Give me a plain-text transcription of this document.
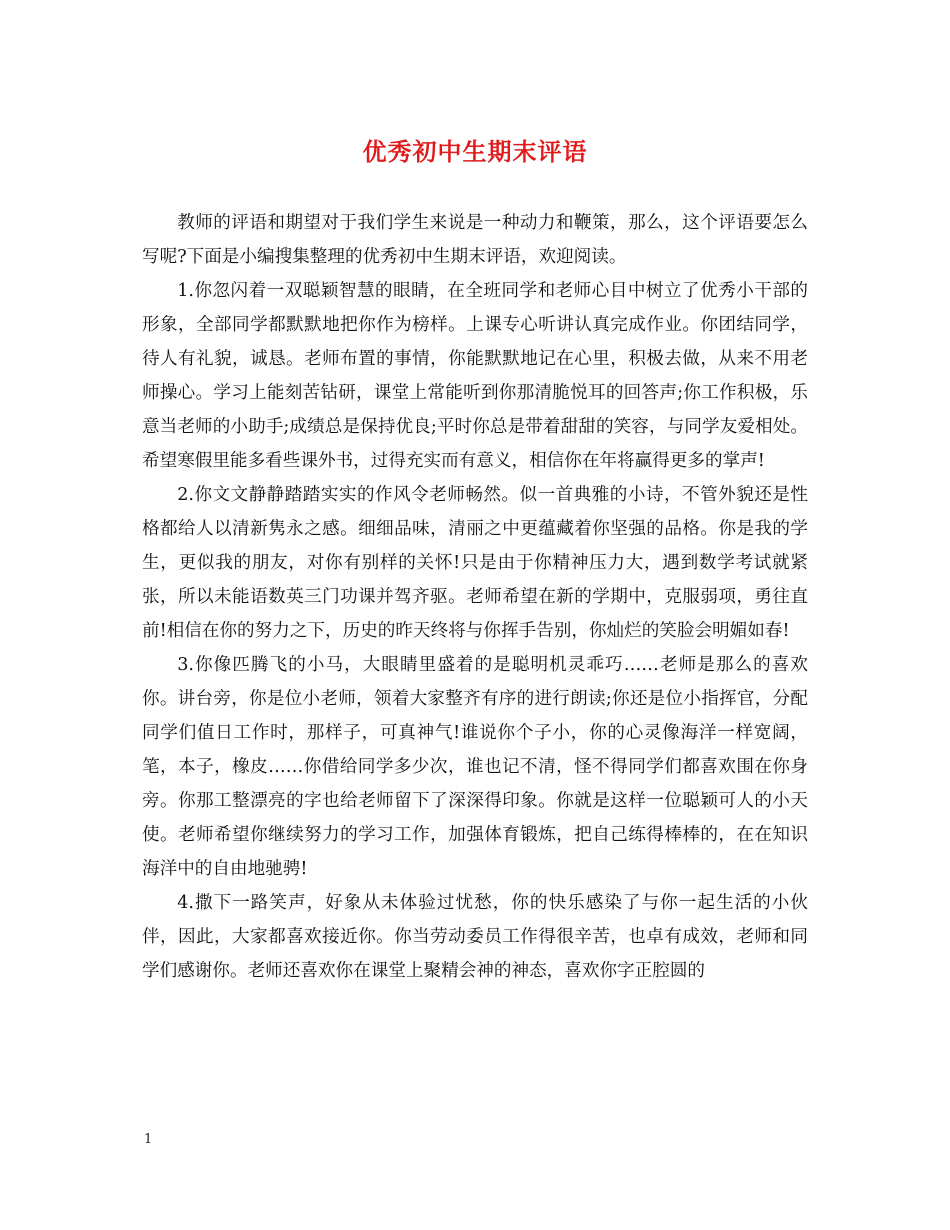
优秀初中生期末评语

教师的评语和期望对于我们学生来说是一种动力和鞭策，那么，这个评语要怎么写呢?下面是小编搜集整理的优秀初中生期末评语，欢迎阅读。

1.你忽闪着一双聪颖智慧的眼睛，在全班同学和老师心目中树立了优秀小干部的形象，全部同学都默默地把你作为榜样。上课专心听讲认真完成作业。你团结同学，待人有礼貌，诚恳。老师布置的事情，你能默默地记在心里，积极去做，从来不用老师操心。学习上能刻苦钻研，课堂上常能听到你那清脆悦耳的回答声;你工作积极，乐意当老师的小助手;成绩总是保持优良;平时你总是带着甜甜的笑容，与同学友爱相处。希望寒假里能多看些课外书，过得充实而有意义，相信你在年将赢得更多的掌声!

2.你文文静静踏踏实实的作风令老师畅然。似一首典雅的小诗，不管外貌还是性格都给人以清新隽永之感。细细品味，清丽之中更蕴藏着你坚强的品格。你是我的学生，更似我的朋友，对你有别样的关怀!只是由于你精神压力大，遇到数学考试就紧张，所以未能语数英三门功课并驾齐驱。老师希望在新的学期中，克服弱项，勇往直前!相信在你的努力之下，历史的昨天终将与你挥手告别，你灿烂的笑脸会明媚如春!

3.你像匹腾飞的小马，大眼睛里盛着的是聪明机灵乖巧……老师是那么的喜欢你。讲台旁，你是位小老师，领着大家整齐有序的进行朗读;你还是位小指挥官，分配同学们值日工作时，那样子，可真神气!谁说你个子小，你的心灵像海洋一样宽阔，笔，本子，橡皮……你借给同学多少次，谁也记不清，怪不得同学们都喜欢围在你身旁。你那工整漂亮的字也给老师留下了深深得印象。你就是这样一位聪颖可人的小天使。老师希望你继续努力的学习工作，加强体育锻炼，把自己练得棒棒的，在在知识海洋中的自由地驰骋!

4.撒下一路笑声，好象从未体验过忧愁，你的快乐感染了与你一起生活的小伙伴，因此，大家都喜欢接近你。你当劳动委员工作得很辛苦，也卓有成效，老师和同学们感谢你。老师还喜欢你在课堂上聚精会神的神态，喜欢你字正腔圆的

1
